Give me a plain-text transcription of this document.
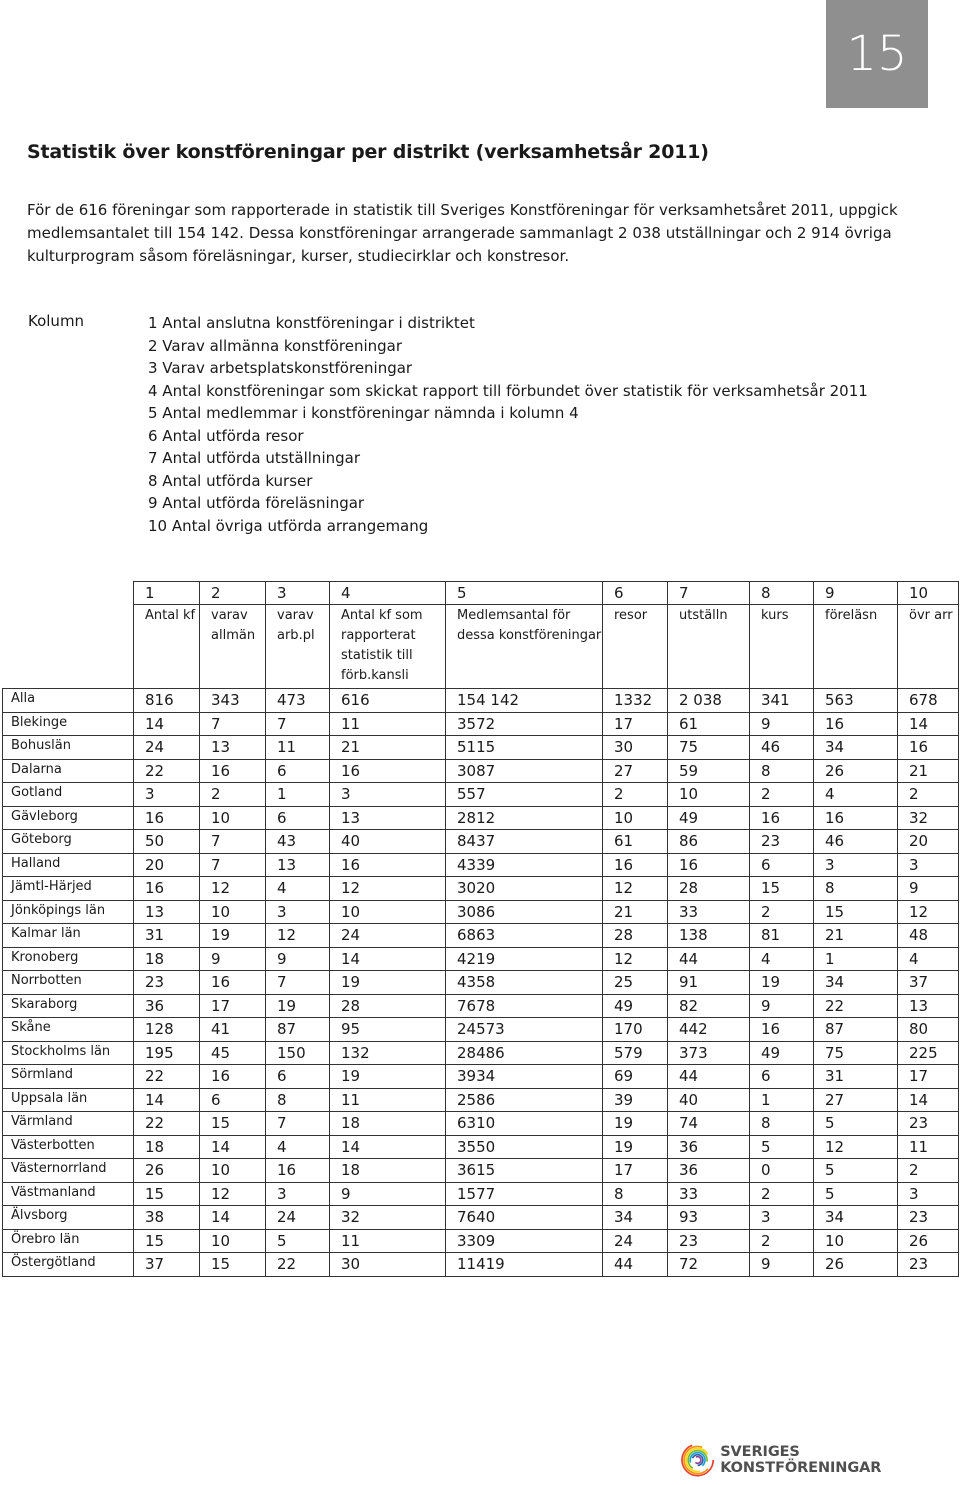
15
Statistik över konstföreningar per distrikt (verksamhetsår 2011)

För de 616 föreningar som rapporterade in statistik till Sveriges Konstföreningar för verksamhetsåret 2011, uppgick medlemsantalet till 154 142. Dessa konstföreningar arrangerade sammanlagt 2 038 utställningar och 2 914 övriga kulturprogram såsom föreläsningar, kurser, studiecirklar och konstresor.

Kolumn	1 Antal anslutna konstföreningar i distriktet
2 Varav allmänna konstföreningar
3 Varav arbetsplatskonstföreningar
4 Antal konstföreningar som skickat rapport till förbundet över statistik för verksamhetsår 2011
5 Antal medlemmar i konstföreningar nämnda i kolumn 4
6 Antal utförda resor
7 Antal utförda utställningar
8 Antal utförda kurser
9 Antal utförda föreläsningar
10 Antal övriga utförda arrangemang
	1	2	3	4	5	6	7	8	9	10
	Antal kf	varav allmän	varav arb.pl	Antal kf som rapporterat statistik till förb.kansli	Medlemsantal för dessa konstföreningar	resor	utställn	kurs	föreläsn	övr arr
Alla	816	343	473	616	154 142	1332	2 038	341	563	678
Blekinge	14	7	7	11	3572	17	61	9	16	14
Bohuslän	24	13	11	21	5115	30	75	46	34	16
Dalarna	22	16	6	16	3087	27	59	8	26	21
Gotland	3	2	1	3	557	2	10	2	4	2
Gävleborg	16	10	6	13	2812	10	49	16	16	32
Göteborg	50	7	43	40	8437	61	86	23	46	20
Halland	20	7	13	16	4339	16	16	6	3	3
Jämtl-Härjed	16	12	4	12	3020	12	28	15	8	9
Jönköpings län	13	10	3	10	3086	21	33	2	15	12
Kalmar län	31	19	12	24	6863	28	138	81	21	48
Kronoberg	18	9	9	14	4219	12	44	4	1	4
Norrbotten	23	16	7	19	4358	25	91	19	34	37
Skaraborg	36	17	19	28	7678	49	82	9	22	13
Skåne	128	41	87	95	24573	170	442	16	87	80
Stockholms län	195	45	150	132	28486	579	373	49	75	225
Sörmland	22	16	6	19	3934	69	44	6	31	17
Uppsala län	14	6	8	11	2586	39	40	1	27	14
Värmland	22	15	7	18	6310	19	74	8	5	23
Västerbotten	18	14	4	14	3550	19	36	5	12	11
Västernorrland	26	10	16	18	3615	17	36	0	5	2
Västmanland	15	12	3	9	1577	8	33	2	5	3
Älvsborg	38	14	24	32	7640	34	93	3	34	23
Örebro län	15	10	5	11	3309	24	23	2	10	26
Östergötland	37	15	22	30	11419	44	72	9	26	23
SVERIGES KONSTFÖRENINGAR
